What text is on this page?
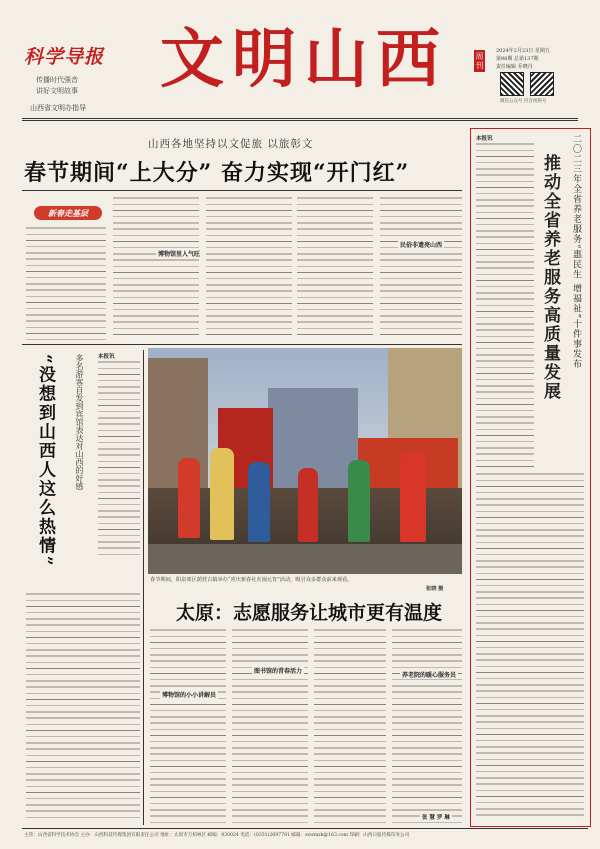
科学导报
传播时代强音
讲好文明故事
山西省文明办指导
文明山西	周刊
2024年2月23日 星期五
第98期 总第137期
责任编辑 乔晓丹
微信公众号 抖音视频号
二〇二三年全省养老服务“惠民生 增福祉”十件事发布
推动全省养老服务高质量发展
本报讯
山西各地坚持以文促旅 以旅彰文
春节期间“上大分” 奋力实现“开门红”
新春走基层
博物馆里人气旺
民俗非遗亮山西
多名游客自发到宾馆表达对山西的好感
“没想到山西人这么热情”	本报讯
春节期间，阳泉郊区荫营古镇举办“喜庆新春社火闹元宵”活动，吸引众多群众前来观看。
张晓 摄
太原：志愿服务让城市更有温度
博物馆的小小讲解员
图书馆的青春活力
养老院的暖心服务员
张 慧 罗 琳
主管：山西省科学技术协会 主办：山西科技传媒集团有限责任公司 地址：太原市万柏林区 邮编：030024 电话：(0351)2697791 邮箱：sxwmzk@163.com 印刷：山西日报传媒印务公司
